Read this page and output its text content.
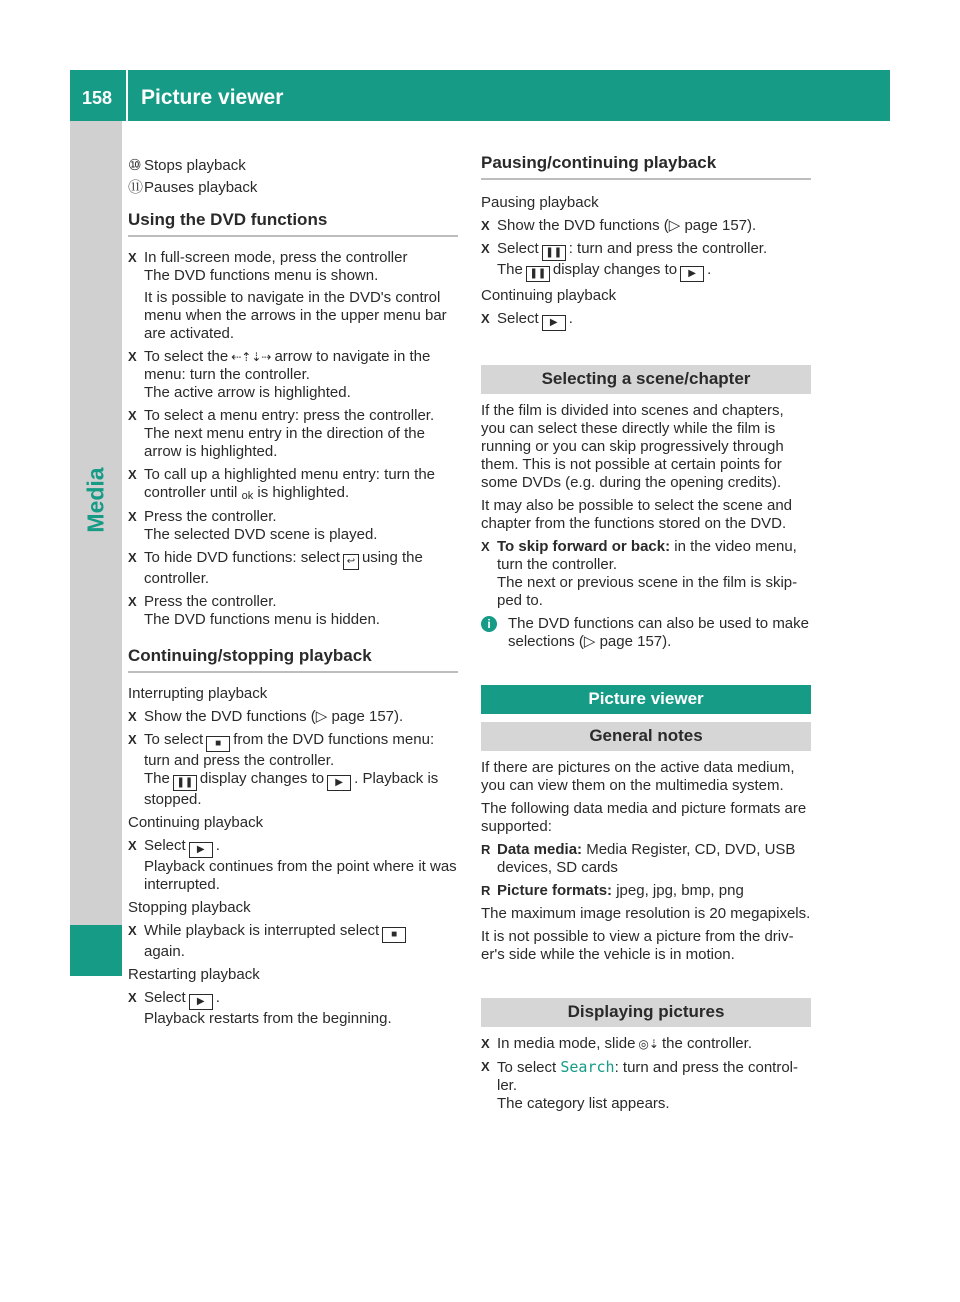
158 Picture viewer
Media
⑩ Stops playback
⑪ Pauses playback
Using the DVD functions
X In full-screen mode, press the controller
The DVD functions menu is shown.
It is possible to navigate in the DVD's control menu when the arrows in the upper menu bar are activated.
X To select the ⇠⇡⇣⇢ arrow to navigate in the menu: turn the controller.
The active arrow is highlighted.
X To select a menu entry: press the controller.
The next menu entry in the direction of the arrow is highlighted.
X To call up a highlighted menu entry: turn the controller until ok is highlighted.
X Press the controller.
The selected DVD scene is played.
X To hide DVD functions: select ↩ using the controller.
X Press the controller.
The DVD functions menu is hidden.
Continuing/stopping playback
Interrupting playback
X Show the DVD functions (▷ page 157).
X To select ■ from the DVD functions menu: turn and press the controller.
The ❚❚ display changes to ▶ . Playback is stopped.
Continuing playback
X Select ▶ .
Playback continues from the point where it was interrupted.
Stopping playback
X While playback is interrupted select ■
again.
Restarting playback
X Select ▶ .
Playback restarts from the beginning.
Pausing/continuing playback
Pausing playback
X Show the DVD functions (▷ page 157).
X Select ❚❚ : turn and press the controller.
The ❚❚ display changes to ▶ .
Continuing playback
X Select ▶ .
Selecting a scene/chapter
If the film is divided into scenes and chapters, you can select these directly while the film is running or you can skip progressively through them. This is not possible at certain points for some DVDs (e.g. during the opening credits).
It may also be possible to select the scene and chapter from the functions stored on the DVD.
X To skip forward or back: in the video menu, turn the controller.
The next or previous scene in the film is skip-ped to.
i	The DVD functions can also be used to make selections (▷ page 157).
Picture viewer
General notes
If there are pictures on the active data medium, you can view them on the multimedia system.
The following data media and picture formats are supported:
R Data media: Media Register, CD, DVD, USB devices, SD cards
R Picture formats: jpeg, jpg, bmp, png
The maximum image resolution is 20 megapixels.
It is not possible to view a picture from the driv-er's side while the vehicle is in motion.
Displaying pictures
X In media mode, slide ◎⇣ the controller.
X To select Search: turn and press the control-ler.
The category list appears.
